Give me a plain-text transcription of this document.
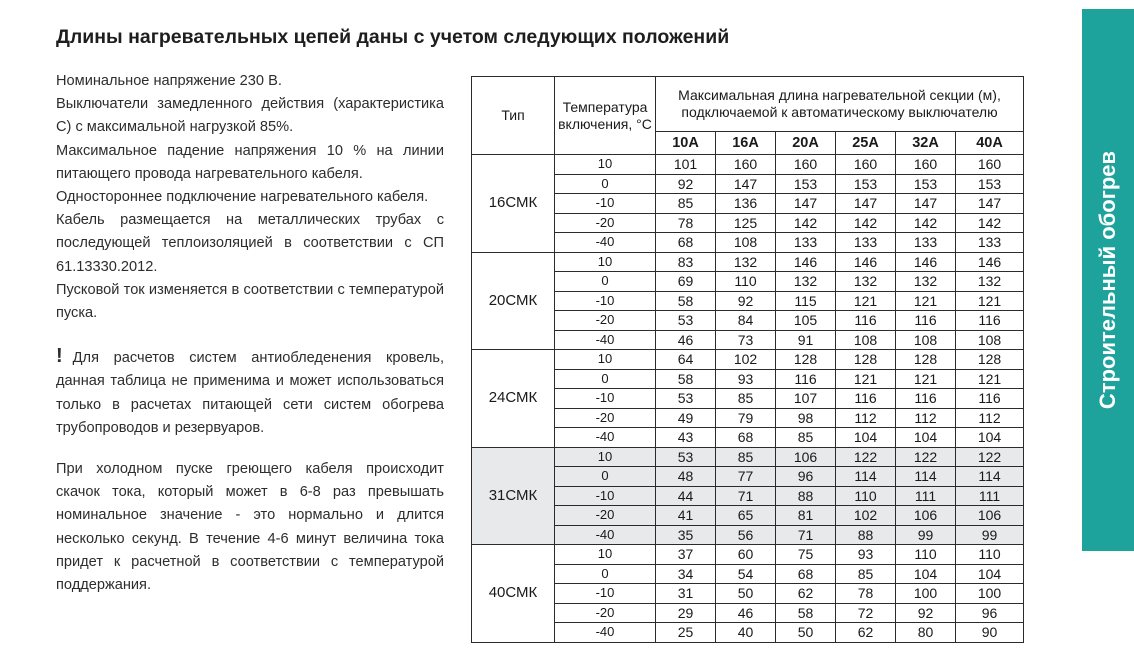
Длины нагревательных цепей даны с учетом следующих положений

Номинальное напряжение 230 В.

Выключатели замедленного действия (характеристика С) с максимальной нагрузкой 85%.

Максимальное падение напряжения 10 % на линии питающего провода нагревательного кабеля.

Одностороннее подключение нагревательного кабеля.

Кабель размещается на металлических трубах с последующей теплоизоляцией в соответствии с СП 61.13330.2012.

Пусковой ток изменяется в соответствии с температурой пуска.

! Для расчетов систем антиобледенения кровель, данная таблица не применима и может использоваться только в расчетах питающей сети систем обогрева трубопроводов и резервуаров.

При холодном пуске греющего кабеля происходит скачок тока, который может в 6-8 раз превышать номинальное значение - это нормально и длится несколько секунд. В течение 4-6 минут величина тока придет к расчетной в соответствии с температурой поддержания.

Тип	Температура включения, °С	Максимальная длина нагревательной секции (м), подключаемой к автоматическому выключателю					
		10А	16А	20А	25А	32А	40А
16СМК	10	101	160	160	160	160	160
	0	92	147	153	153	153	153
	-10	85	136	147	147	147	147
	-20	78	125	142	142	142	142
	-40	68	108	133	133	133	133
20СМК	10	83	132	146	146	146	146
	0	69	110	132	132	132	132
	-10	58	92	115	121	121	121
	-20	53	84	105	116	116	116
	-40	46	73	91	108	108	108
24СМК	10	64	102	128	128	128	128
	0	58	93	116	121	121	121
	-10	53	85	107	116	116	116
	-20	49	79	98	112	112	112
	-40	43	68	85	104	104	104
31СМК	10	53	85	106	122	122	122
	0	48	77	96	114	114	114
	-10	44	71	88	110	111	111
	-20	41	65	81	102	106	106
	-40	35	56	71	88	99	99
40СМК	10	37	60	75	93	110	110
	0	34	54	68	85	104	104
	-10	31	50	62	78	100	100
	-20	29	46	58	72	92	96
	-40	25	40	50	62	80	90
Строительный обогрев
